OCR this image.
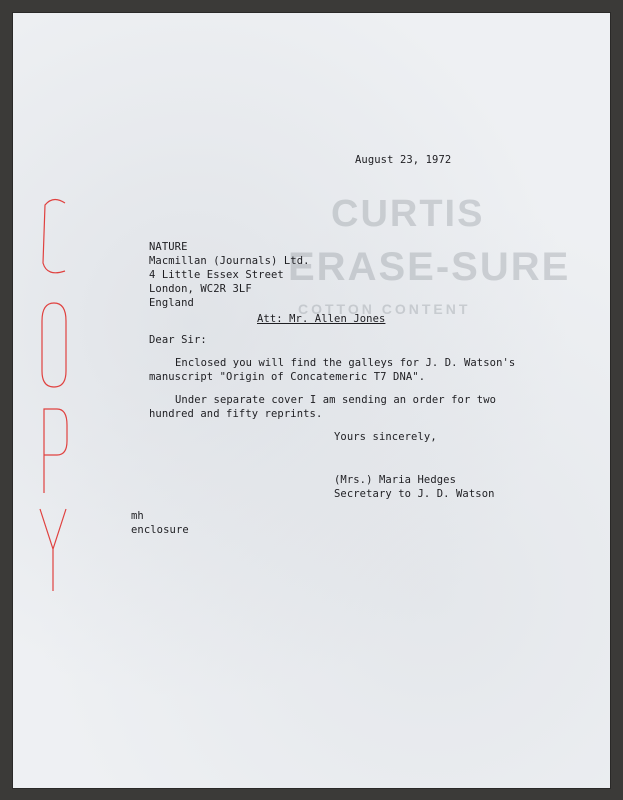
CURTIS
ERASE-SURE
COTTON CONTENT
August 23, 1972
NATURE
Macmillan (Journals) Ltd.
4 Little Essex Street
London, WC2R 3LF
England
Att: Mr. Allen Jones
Dear Sir:
Enclosed you will find the galleys for J. D. Watson's
manuscript "Origin of Concatemeric T7 DNA".
Under separate cover I am sending an order for two
hundred and fifty reprints.
Yours sincerely,
(Mrs.) Maria Hedges
Secretary to J. D. Watson
mh
enclosure
